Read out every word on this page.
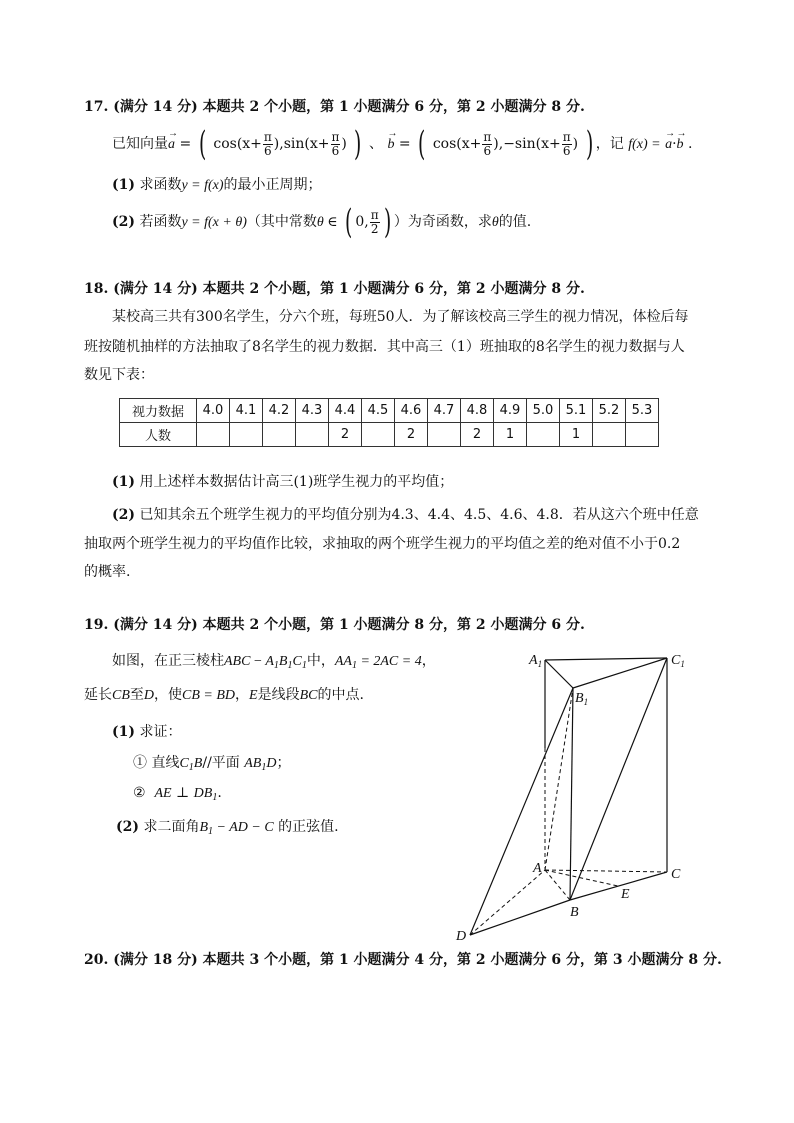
17. (满分 14 分) 本题共 2 个小题，第 1 小题满分 6 分，第 2 小题满分 8 分.
已知向量→ a = ( $\cos(x+ \frac{\pi}{6} ),\sin(x+ \frac{\pi}{6}$ ) ) 、 → b = ( $\cos(x+ \frac{\pi}{6} ),-\sin(x+ \frac{\pi}{6}$ ) ) ，记 f(x) = → a·→ b .
(1) 求函数y = f(x)的最小正周期；
(2) 若函数y = f(x + θ)（其中常数θ ∈ ( 0, $\frac{\pi}{2}$ ) ）为奇函数，求θ的值.
18. (满分 14 分) 本题共 2 个小题，第 1 小题满分 6 分，第 2 小题满分 8 分.
某校高三共有300名学生，分六个班，每班50人．为了解该校高三学生的视力情况，体检后每
班按随机抽样的方法抽取了8名学生的视力数据．其中高三（1）班抽取的8名学生的视力数据与人
数见下表：
视力数据	4.0	4.1	4.2	4.3	4.4	4.5	4.6	4.7	4.8	4.9	5.0	5.1	5.2	5.3
人数					2		2		2	1		1		
(1) 用上述样本数据估计高三(1)班学生视力的平均值；
(2) 已知其余五个班学生视力的平均值分别为4.3、4.4、4.5、4.6、4.8．若从这六个班中任意
抽取两个班学生视力的平均值作比较，求抽取的两个班学生视力的平均值之差的绝对值不小于0.2
的概率.
19. (满分 14 分) 本题共 2 个小题，第 1 小题满分 8 分，第 2 小题满分 6 分.
如图，在正三棱柱ABC − $A_1B_1C_1$中，$AA_1 = 2AC = 4$，
延长CB至D，使CB = BD，E是线段BC的中点.
(1) 求证：
① 直线$C_1B//$平面 $AB_1D$；
② AE ⊥ $DB_1$.
(2) 求二面角$B_1$ − AD − C 的正弦值.
$A_1$	$C_1$
$B_1$
A	C
B
E
D
20. (满分 18 分) 本题共 3 个小题，第 1 小题满分 4 分，第 2 小题满分 6 分，第 3 小题满分 8 分.
